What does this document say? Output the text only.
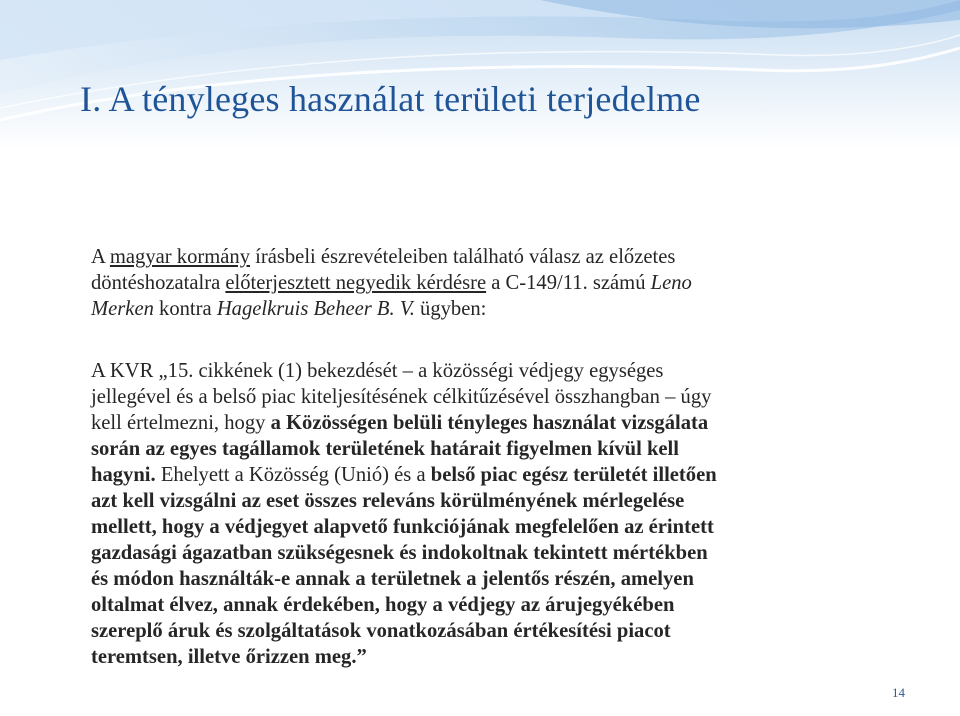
I. A tényleges használat területi terjedelme

A magyar kormány írásbeli észrevételeiben található válasz az előzetes
döntéshozatalra előterjesztett negyedik kérdésre a C-149/11. számú Leno
Merken kontra Hagelkruis Beheer B. V. ügyben:

A KVR „15. cikkének (1) bekezdését – a közösségi védjegy egységes
jellegével és a belső piac kiteljesítésének célkitűzésével összhangban – úgy
kell értelmezni, hogy a Közösségen belüli tényleges használat vizsgálata
során az egyes tagállamok területének határait figyelmen kívül kell
hagyni. Ehelyett a Közösség (Unió) és a belső piac egész területét illetően
azt kell vizsgálni az eset összes releváns körülményének mérlegelése
mellett, hogy a védjegyet alapvető funkciójának megfelelően az érintett
gazdasági ágazatban szükségesnek és indokoltnak tekintett mértékben
és módon használták-e annak a területnek a jelentős részén, amelyen
oltalmat élvez, annak érdekében, hogy a védjegy az árujegyékében
szereplő áruk és szolgáltatások vonatkozásában értékesítési piacot
teremtsen, illetve őrizzen meg.”

14
